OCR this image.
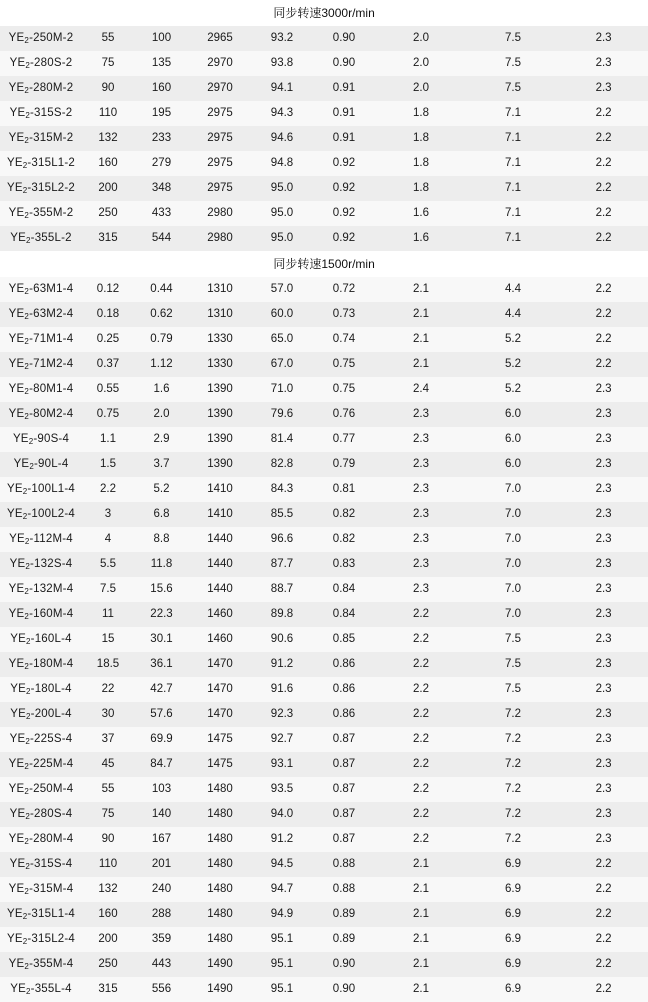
同步转速3000r/min								
$YE_2-250M-2$	55	100	2965	93.2	0.90	2.0	7.5	2.3
$YE_2-280S-2$	75	135	2970	93.8	0.90	2.0	7.5	2.3
$YE_2-280M-2$	90	160	2970	94.1	0.91	2.0	7.5	2.3
$YE_2-315S-2$	110	195	2975	94.3	0.91	1.8	7.1	2.2
$YE_2-315M-2$	132	233	2975	94.6	0.91	1.8	7.1	2.2
$YE_2-315L1-2$	160	279	2975	94.8	0.92	1.8	7.1	2.2
$YE_2-315L2-2$	200	348	2975	95.0	0.92	1.8	7.1	2.2
$YE_2-355M-2$	250	433	2980	95.0	0.92	1.6	7.1	2.2
$YE_2-355L-2$	315	544	2980	95.0	0.92	1.6	7.1	2.2
同步转速1500r/min								
$YE_2-63M1-4$	0.12	0.44	1310	57.0	0.72	2.1	4.4	2.2
$YE_2-63M2-4$	0.18	0.62	1310	60.0	0.73	2.1	4.4	2.2
$YE_2-71M1-4$	0.25	0.79	1330	65.0	0.74	2.1	5.2	2.2
$YE_2-71M2-4$	0.37	1.12	1330	67.0	0.75	2.1	5.2	2.2
$YE_2-80M1-4$	0.55	1.6	1390	71.0	0.75	2.4	5.2	2.3
$YE_2-80M2-4$	0.75	2.0	1390	79.6	0.76	2.3	6.0	2.3
$YE_2-90S-4$	1.1	2.9	1390	81.4	0.77	2.3	6.0	2.3
$YE_2-90L-4$	1.5	3.7	1390	82.8	0.79	2.3	6.0	2.3
$YE_2-100L1-4$	2.2	5.2	1410	84.3	0.81	2.3	7.0	2.3
$YE_2-100L2-4$	3	6.8	1410	85.5	0.82	2.3	7.0	2.3
$YE_2-112M-4$	4	8.8	1440	96.6	0.82	2.3	7.0	2.3
$YE_2-132S-4$	5.5	11.8	1440	87.7	0.83	2.3	7.0	2.3
$YE_2-132M-4$	7.5	15.6	1440	88.7	0.84	2.3	7.0	2.3
$YE_2-160M-4$	11	22.3	1460	89.8	0.84	2.2	7.0	2.3
$YE_2-160L-4$	15	30.1	1460	90.6	0.85	2.2	7.5	2.3
$YE_2-180M-4$	18.5	36.1	1470	91.2	0.86	2.2	7.5	2.3
$YE_2-180L-4$	22	42.7	1470	91.6	0.86	2.2	7.5	2.3
$YE_2-200L-4$	30	57.6	1470	92.3	0.86	2.2	7.2	2.3
$YE_2-225S-4$	37	69.9	1475	92.7	0.87	2.2	7.2	2.3
$YE_2-225M-4$	45	84.7	1475	93.1	0.87	2.2	7.2	2.3
$YE_2-250M-4$	55	103	1480	93.5	0.87	2.2	7.2	2.3
$YE_2-280S-4$	75	140	1480	94.0	0.87	2.2	7.2	2.3
$YE_2-280M-4$	90	167	1480	91.2	0.87	2.2	7.2	2.3
$YE_2-315S-4$	110	201	1480	94.5	0.88	2.1	6.9	2.2
$YE_2-315M-4$	132	240	1480	94.7	0.88	2.1	6.9	2.2
$YE_2-315L1-4$	160	288	1480	94.9	0.89	2.1	6.9	2.2
$YE_2-315L2-4$	200	359	1480	95.1	0.89	2.1	6.9	2.2
$YE_2-355M-4$	250	443	1490	95.1	0.90	2.1	6.9	2.2
$YE_2-355L-4$	315	556	1490	95.1	0.90	2.1	6.9	2.2
